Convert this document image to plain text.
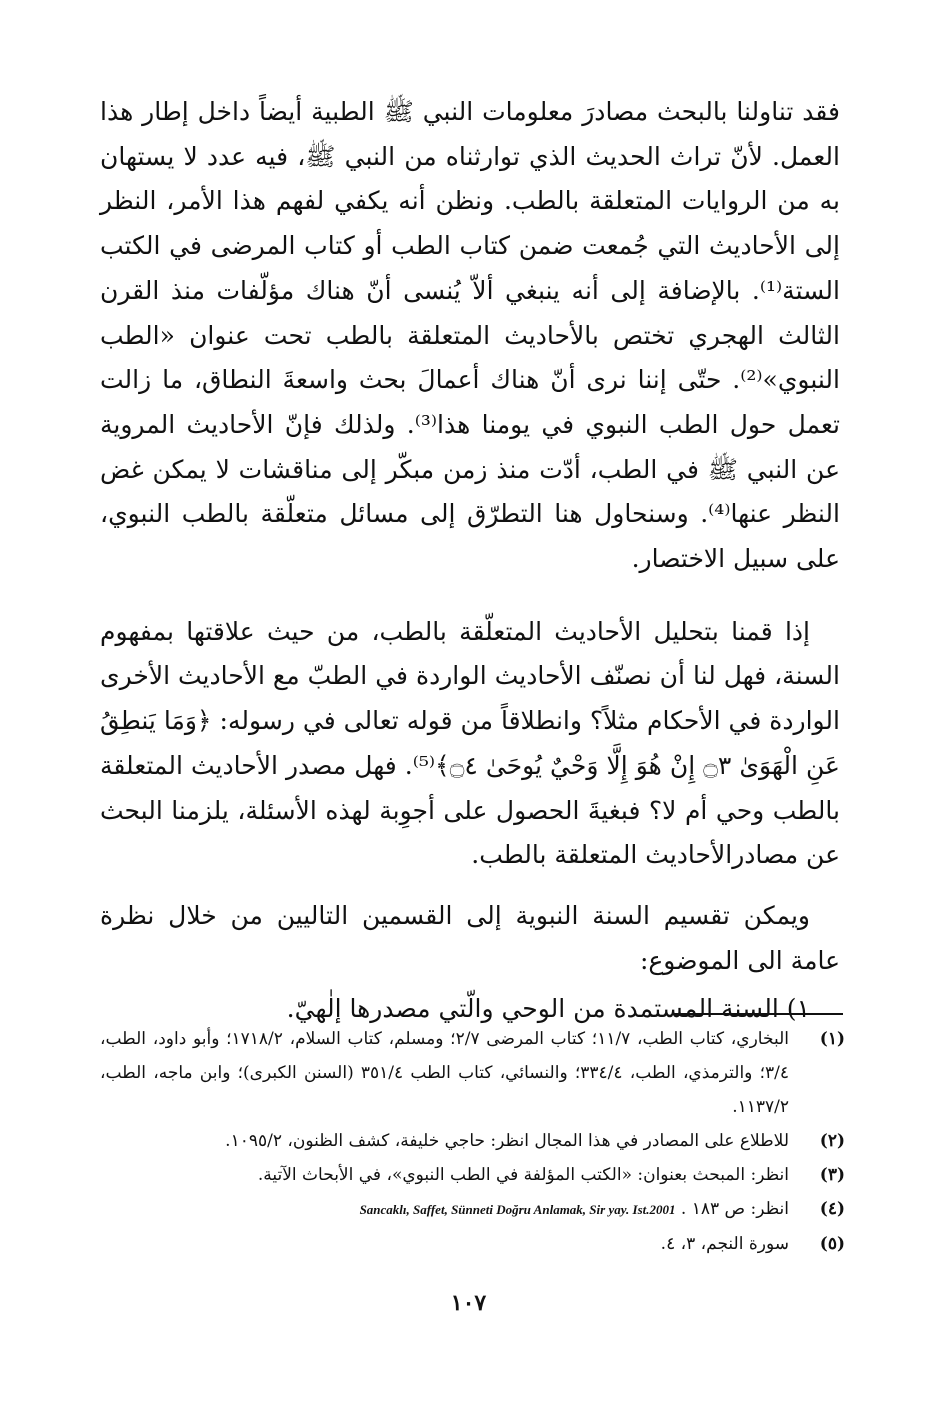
فقد تناولنا بالبحث مصادرَ معلومات النبي ﷺ الطبية أيضاً داخل إطار هذا العمل. لأنّ تراث الحديث الذي توارثناه من النبي ﷺ، فيه عدد لا يستهان به من الروايات المتعلقة بالطب. ونظن أنه يكفي لفهم هذا الأمر، النظر إلى الأحاديث التي جُمعت ضمن كتاب الطب أو كتاب المرضى في الكتب الستة⁽¹⁾. بالإضافة إلى أنه ينبغي ألاّ يُنسى أنّ هناك مؤلّفات منذ القرن الثالث الهجري تختص بالأحاديث المتعلقة بالطب تحت عنوان «الطب النبوي»⁽²⁾. حتّى إننا نرى أنّ هناك أعمالَ بحث واسعةَ النطاق، ما زالت تعمل حول الطب النبوي في يومنا هذا⁽³⁾. ولذلك فإنّ الأحاديث المروية عن النبي ﷺ في الطب، أدّت منذ زمن مبكّر إلى مناقشات لا يمكن غض النظر عنها⁽⁴⁾. وسنحاول هنا التطرّق إلى مسائل متعلّقة بالطب النبوي، على سبيل الاختصار.

إذا قمنا بتحليل الأحاديث المتعلّقة بالطب، من حيث علاقتها بمفهوم السنة، فهل لنا أن نصنّف الأحاديث الواردة في الطبّ مع الأحاديث الأخرى الواردة في الأحكام مثلاً؟ وانطلاقاً من قوله تعالى في رسوله: ﴿وَمَا يَنطِقُ عَنِ الْهَوَىٰ ۝٣ إِنْ هُوَ إِلَّا وَحْيٌ يُوحَىٰ ۝٤﴾⁽⁵⁾. فهل مصدر الأحاديث المتعلقة بالطب وحي أم لا؟ فبغيةَ الحصول على أجوِبة لهذه الأسئلة، يلزمنا البحث عن مصادرالأحاديث المتعلقة بالطب.

ويمكن تقسيم السنة النبوية إلى القسمين التاليين من خلال نظرة عامة الى الموضوع:

١) السنة المستمدة من الوحي والّتي مصدرها إلٰهيّ.

(١)
البخاري، كتاب الطب، ١١/٧؛ كتاب المرضى ٢/٧؛ ومسلم، كتاب السلام، ١٧١٨/٢؛ وأبو داود، الطب، ٣/٤؛ والترمذي، الطب، ٣٣٤/٤؛ والنسائي، كتاب الطب ٣٥١/٤ (السنن الكبرى)؛ وابن ماجه، الطب، ١١٣٧/٢.

(٢)
للاطلاع على المصادر في هذا المجال انظر: حاجي خليفة، كشف الظنون، ١٠٩٥/٢.

(٣)
انظر: المبحث بعنوان: «الكتب المؤلفة في الطب النبوي»، في الأبحاث الآتية.

(٤)
انظر: ص ١٨٣ . Sancaklı, Saffet, Sünneti Doğru Anlamak, Sir yay. Ist.2001

(٥)
سورة النجم، ٣، ٤.

١٠٧
